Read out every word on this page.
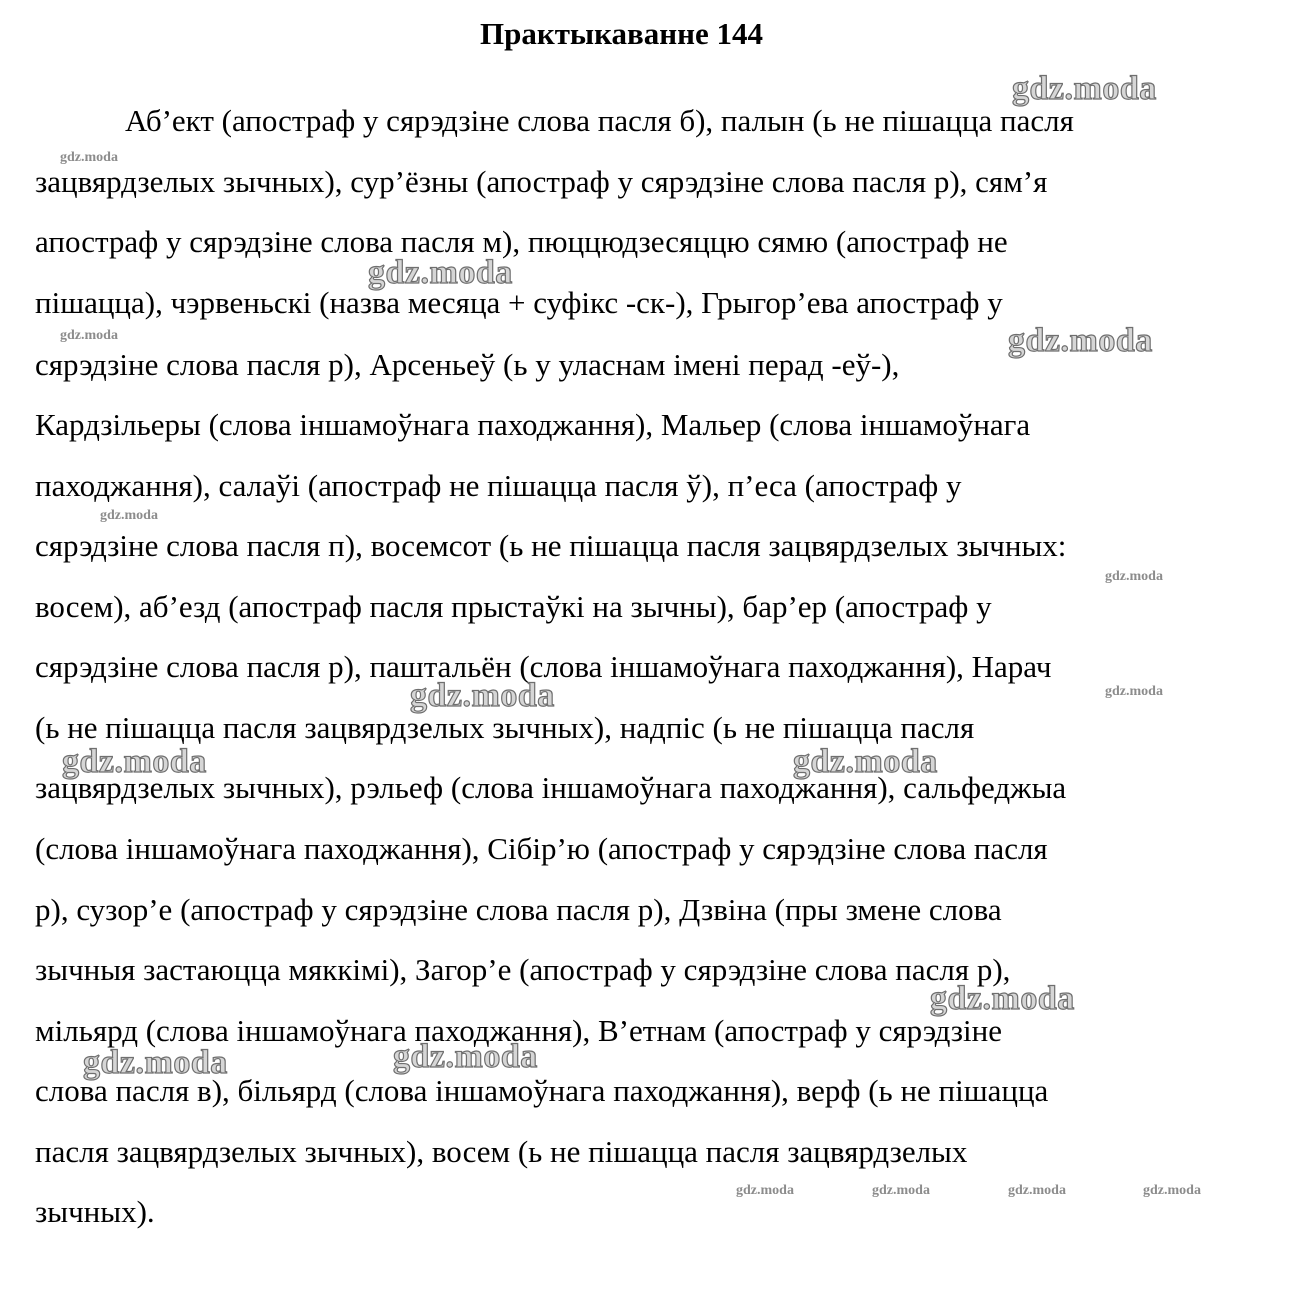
Практыкаванне 144
Аб’ект (апостраф у сярэдзіне слова пасля б), палын (ь не пішацца пасля
зацвярдзелых зычных), сур’ёзны (апостраф у сярэдзіне слова пасля р), сям’я
апостраф у сярэдзіне слова пасля м), пюццюдзесяццю сямю (апостраф не
пішацца), чэрвеньскі (назва месяца + суфікс -ск-), Грыгор’ева апостраф у
сярэдзіне слова пасля р), Арсеньеў (ь у уласнам імені перад -еў-),
Кардзільеры (слова іншамоўнага паходжання), Мальер (слова іншамоўнага
паходжання), салаўі (апостраф не пішацца пасля ў), п’еса (апостраф у
сярэдзіне слова пасля п), восемсот (ь не пішацца пасля зацвярдзелых зычных:
восем), аб’езд (апостраф пасля прыстаўкі на зычны), бар’ер (апостраф у
сярэдзіне слова пасля р), паштальён (слова іншамоўнага паходжання), Нарач
(ь не пішацца пасля зацвярдзелых зычных), надпіс (ь не пішацца пасля
зацвярдзелых зычных), рэльеф (слова іншамоўнага паходжання), сальфеджыа
(слова іншамоўнага паходжання), Сібір’ю (апостраф у сярэдзіне слова пасля
р), сузор’е (апостраф у сярэдзіне слова пасля р), Дзвіна (пры змене слова
зычныя застаюцца мяккімі), Загор’е (апостраф у сярэдзіне слова пасля р),
мільярд (слова іншамоўнага паходжання), В’етнам (апостраф у сярэдзіне
слова пасля в), більярд (слова іншамоўнага паходжання), верф (ь не пішацца
пасля зацвярдзелых зычных), восем (ь не пішацца пасля зацвярдзелых
зычных).
gdz.moda
gdz.moda
gdz.moda
gdz.moda	gdz.moda
gdz.moda
gdz.moda
gdz.moda
gdz.moda
gdz.moda	gdz.moda
gdz.moda
gdz.moda	gdz.moda
gdz.moda	gdz.moda	gdz.moda	gdz.moda
